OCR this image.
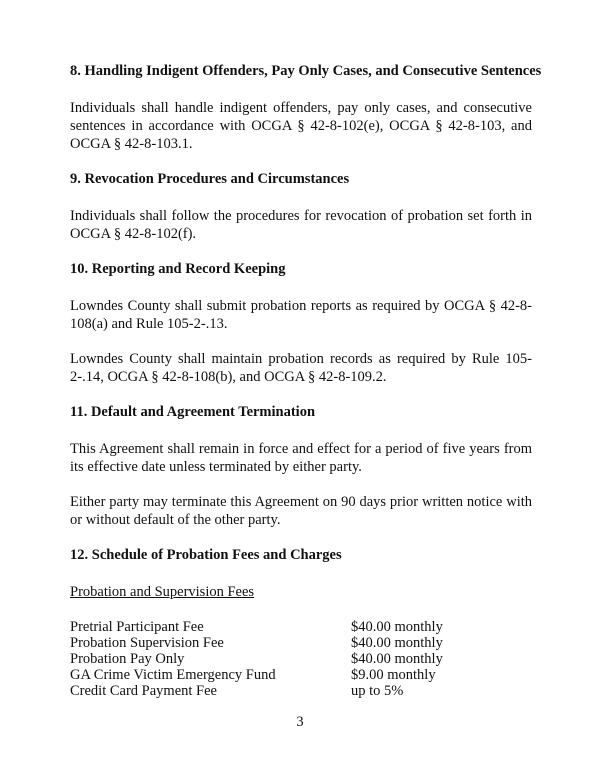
8. Handling Indigent Offenders, Pay Only Cases, and Consecutive Sentences

Individuals shall handle indigent offenders, pay only cases, and consecutive sentences in accordance with OCGA § 42-8-102(e), OCGA § 42-8-103, and OCGA § 42-8-103.1.

9. Revocation Procedures and Circumstances

Individuals shall follow the procedures for revocation of probation set forth in OCGA § 42-8-102(f).

10. Reporting and Record Keeping

Lowndes County shall submit probation reports as required by OCGA § 42-8-108(a) and Rule 105-2-.13.

Lowndes County shall maintain probation records as required by Rule 105-2-.14, OCGA § 42-8-108(b), and OCGA § 42-8-109.2.

11. Default and Agreement Termination

This Agreement shall remain in force and effect for a period of five years from its effective date unless terminated by either party.

Either party may terminate this Agreement on 90 days prior written notice with or without default of the other party.

12. Schedule of Probation Fees and Charges

Probation and Supervision Fees

Pretrial Participant Fee	$40.00 monthly
Probation Supervision Fee	$40.00 monthly
Probation Pay Only	$40.00 monthly
GA Crime Victim Emergency Fund	$9.00 monthly
Credit Card Payment Fee	up to 5%
3
